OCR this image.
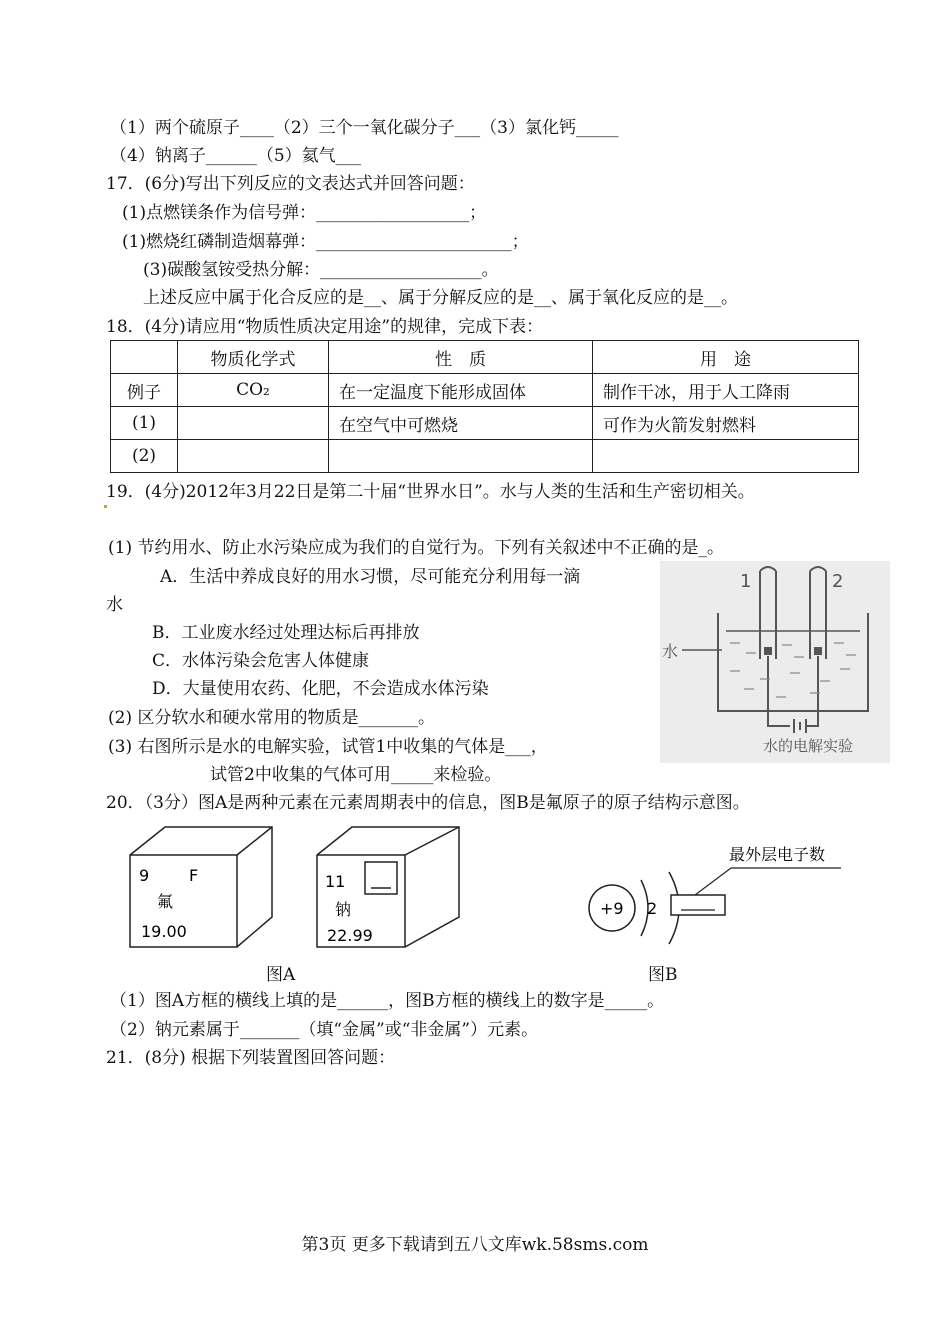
（1）两个硫原子____（2）三个一氧化碳分子___（3）氯化钙_____
（4）钠离子______（5）氦气___
17．(6分)写出下列反应的文表达式并回答问题：
(1)点燃镁条作为信号弹：__________________；
(1)燃烧红磷制造烟幕弹：_______________________；
(3)碳酸氢铵受热分解：___________________。
上述反应中属于化合反应的是__、属于分解反应的是__、属于氧化反应的是__。
18．(4分)请应用“物质性质决定用途”的规律，完成下表：
	物质化学式	性　质	用　途
例子	CO₂	在一定温度下能形成固体	制作干冰，用于人工降雨
(1)		在空气中可燃烧	可作为火箭发射燃料
(2)			
19．(4分)2012年3月22日是第二十届“世界水日”。水与人类的生活和生产密切相关。
(1) 节约用水、防止水污染应成为我们的自觉行为。下列有关叙述中不正确的是_。
A．生活中养成良好的用水习惯，尽可能充分利用每一滴
水
B．工业废水经过处理达标后再排放
C．水体污染会危害人体健康
D．大量使用农药、化肥，不会造成水体污染
(2) 区分软水和硬水常用的物质是_______。
(3) 右图所示是水的电解实验，试管1中收集的气体是___，
试管2中收集的气体可用_____来检验。
1	2
水
水的电解实验
20．（3分）图A是两种元素在元素周期表中的信息，图B是氟原子的原子结构示意图。
9 F
氟
19.00
11
钠
22.99
图A
+9 2
最外层电子数
图B
（1）图A方框的横线上填的是______，图B方框的横线上的数字是_____。
（2）钠元素属于_______（填“金属”或“非金属”）元素。
21．(8分) 根据下列装置图回答问题：
第3页 更多下载请到五八文库wk.58sms.com
